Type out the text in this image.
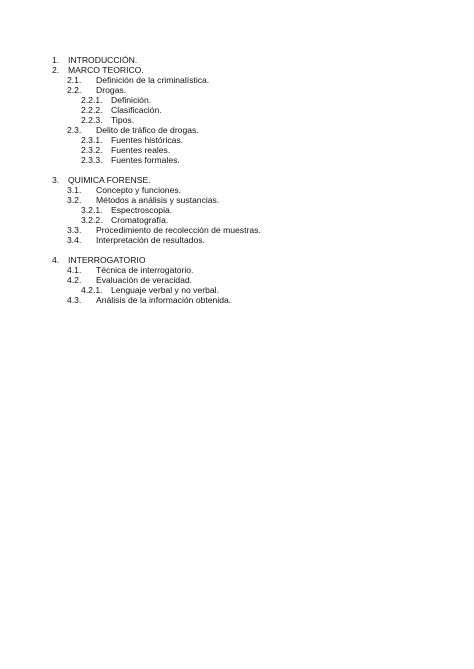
1. INTRODUCCIÓN.
2. MARCO TEORICO.
2.1. Definición de la criminalística.
2.2. Drogas.
2.2.1. Definición.
2.2.2. Clasificación.
2.2.3. Tipos.
2.3. Delito de tráfico de drogas.
2.3.1. Fuentes históricas.
2.3.2. Fuentes reales.
2.3.3. Fuentes formales.
3. QUIMICA FORENSE.
3.1. Concepto y funciones.
3.2. Métodos a análisis y sustancias.
3.2.1. Espectroscopia.
3.2.2. Cromatografía.
3.3. Procedimiento de recolección de muestras.
3.4. Interpretación de resultados.
4. INTERROGATORIO
4.1. Técnica de interrogatorio.
4.2. Evaluación de veracidad.
4.2.1. Lenguaje verbal y no verbal.
4.3. Análisis de la información obtenida.
